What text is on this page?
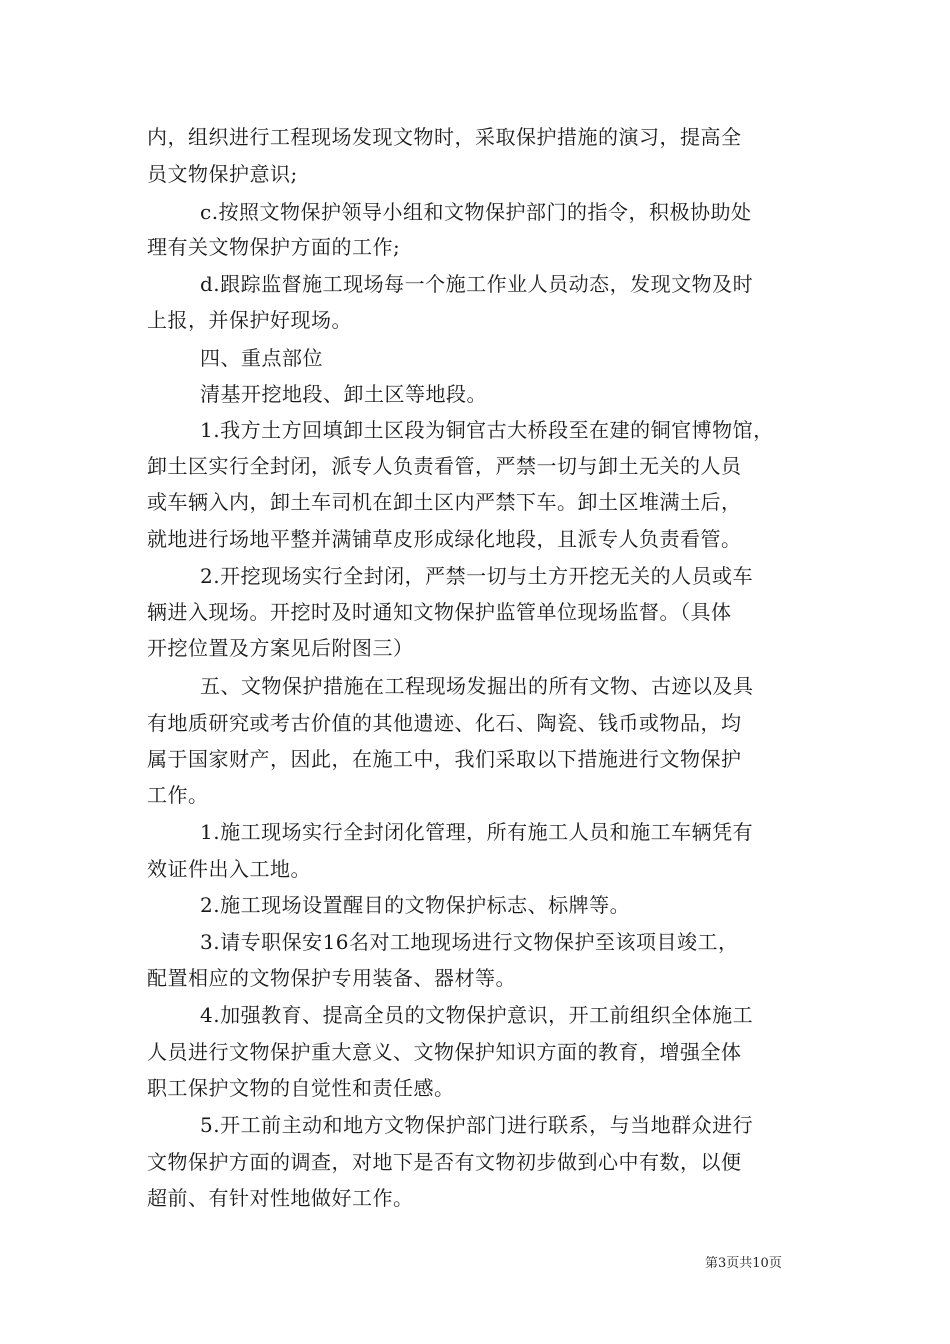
内，组织进行工程现场发现文物时，采取保护措施的演习，提高全
员文物保护意识;
c.按照文物保护领导小组和文物保护部门的指令，积极协助处
理有关文物保护方面的工作;
d.跟踪监督施工现场每一个施工作业人员动态，发现文物及时
上报，并保护好现场。
四、重点部位
清基开挖地段、卸土区等地段。
1.我方土方回填卸土区段为铜官古大桥段至在建的铜官博物馆，
卸土区实行全封闭，派专人负责看管，严禁一切与卸土无关的人员
或车辆入内，卸土车司机在卸土区内严禁下车。卸土区堆满土后，
就地进行场地平整并满铺草皮形成绿化地段，且派专人负责看管。
2.开挖现场实行全封闭，严禁一切与土方开挖无关的人员或车
辆进入现场。开挖时及时通知文物保护监管单位现场监督。（具体
开挖位置及方案见后附图三）
五、文物保护措施在工程现场发掘出的所有文物、古迹以及具
有地质研究或考古价值的其他遗迹、化石、陶瓷、钱币或物品，均
属于国家财产，因此，在施工中，我们采取以下措施进行文物保护
工作。
1.施工现场实行全封闭化管理，所有施工人员和施工车辆凭有
效证件出入工地。
2.施工现场设置醒目的文物保护标志、标牌等。
3.请专职保安16名对工地现场进行文物保护至该项目竣工，
配置相应的文物保护专用装备、器材等。
4.加强教育、提高全员的文物保护意识，开工前组织全体施工
人员进行文物保护重大意义、文物保护知识方面的教育，增强全体
职工保护文物的自觉性和责任感。
5.开工前主动和地方文物保护部门进行联系，与当地群众进行
文物保护方面的调查，对地下是否有文物初步做到心中有数，以便
超前、有针对性地做好工作。
第3页共10页
